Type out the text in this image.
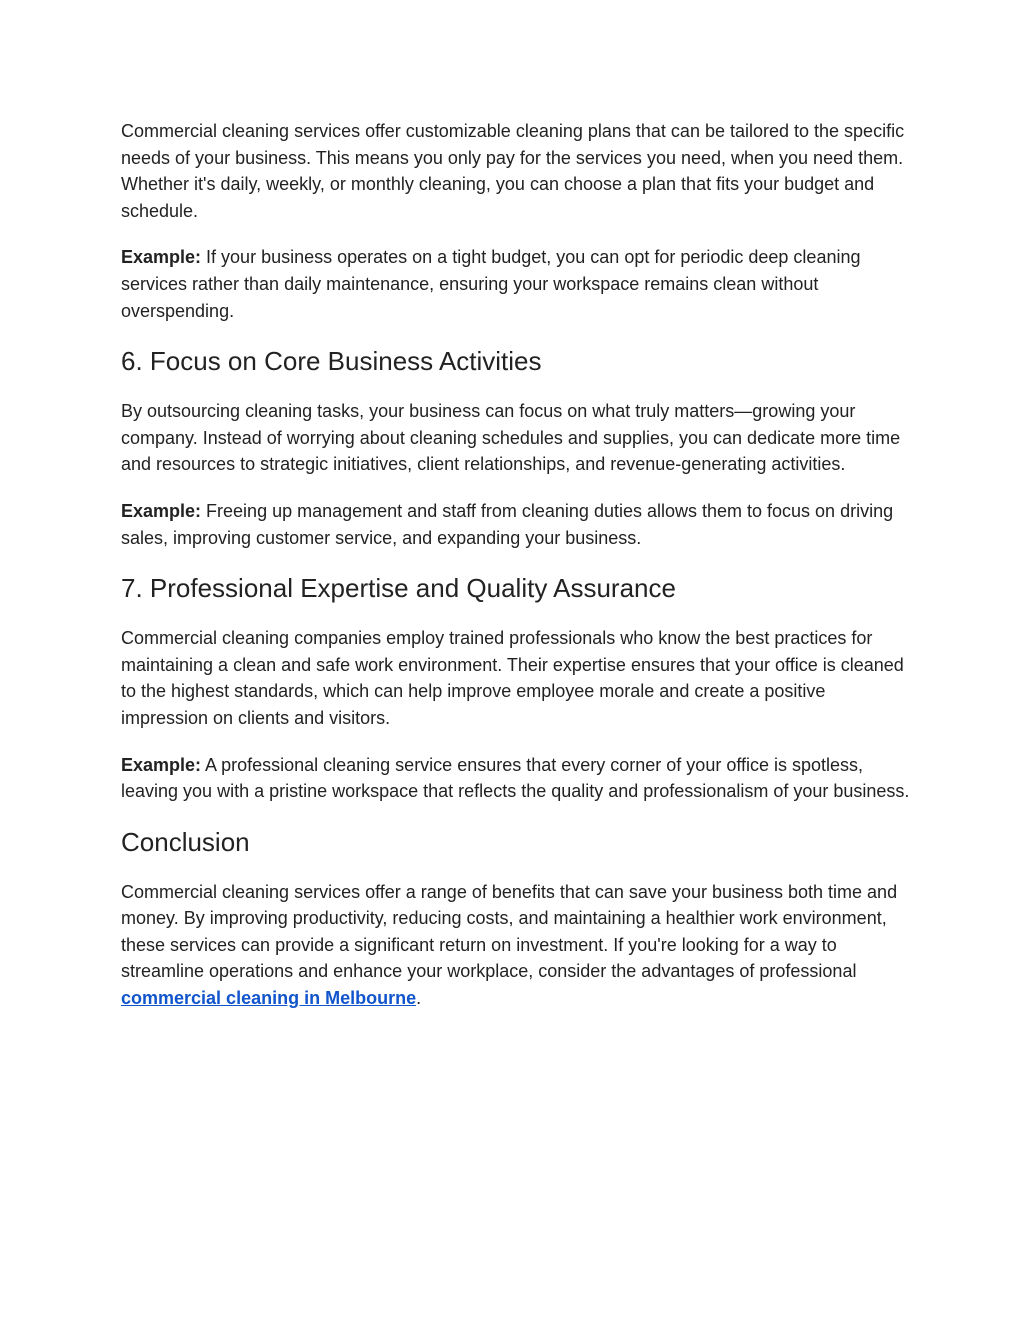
Commercial cleaning services offer customizable cleaning plans that can be tailored to the specific needs of your business. This means you only pay for the services you need, when you need them. Whether it's daily, weekly, or monthly cleaning, you can choose a plan that fits your budget and schedule.

Example: If your business operates on a tight budget, you can opt for periodic deep cleaning services rather than daily maintenance, ensuring your workspace remains clean without overspending.

6. Focus on Core Business Activities

By outsourcing cleaning tasks, your business can focus on what truly matters—growing your company. Instead of worrying about cleaning schedules and supplies, you can dedicate more time and resources to strategic initiatives, client relationships, and revenue-generating activities.

Example: Freeing up management and staff from cleaning duties allows them to focus on driving sales, improving customer service, and expanding your business.

7. Professional Expertise and Quality Assurance

Commercial cleaning companies employ trained professionals who know the best practices for maintaining a clean and safe work environment. Their expertise ensures that your office is cleaned to the highest standards, which can help improve employee morale and create a positive impression on clients and visitors.

Example: A professional cleaning service ensures that every corner of your office is spotless, leaving you with a pristine workspace that reflects the quality and professionalism of your business.

Conclusion

Commercial cleaning services offer a range of benefits that can save your business both time and money. By improving productivity, reducing costs, and maintaining a healthier work environment, these services can provide a significant return on investment. If you're looking for a way to streamline operations and enhance your workplace, consider the advantages of professional commercial cleaning in Melbourne.
